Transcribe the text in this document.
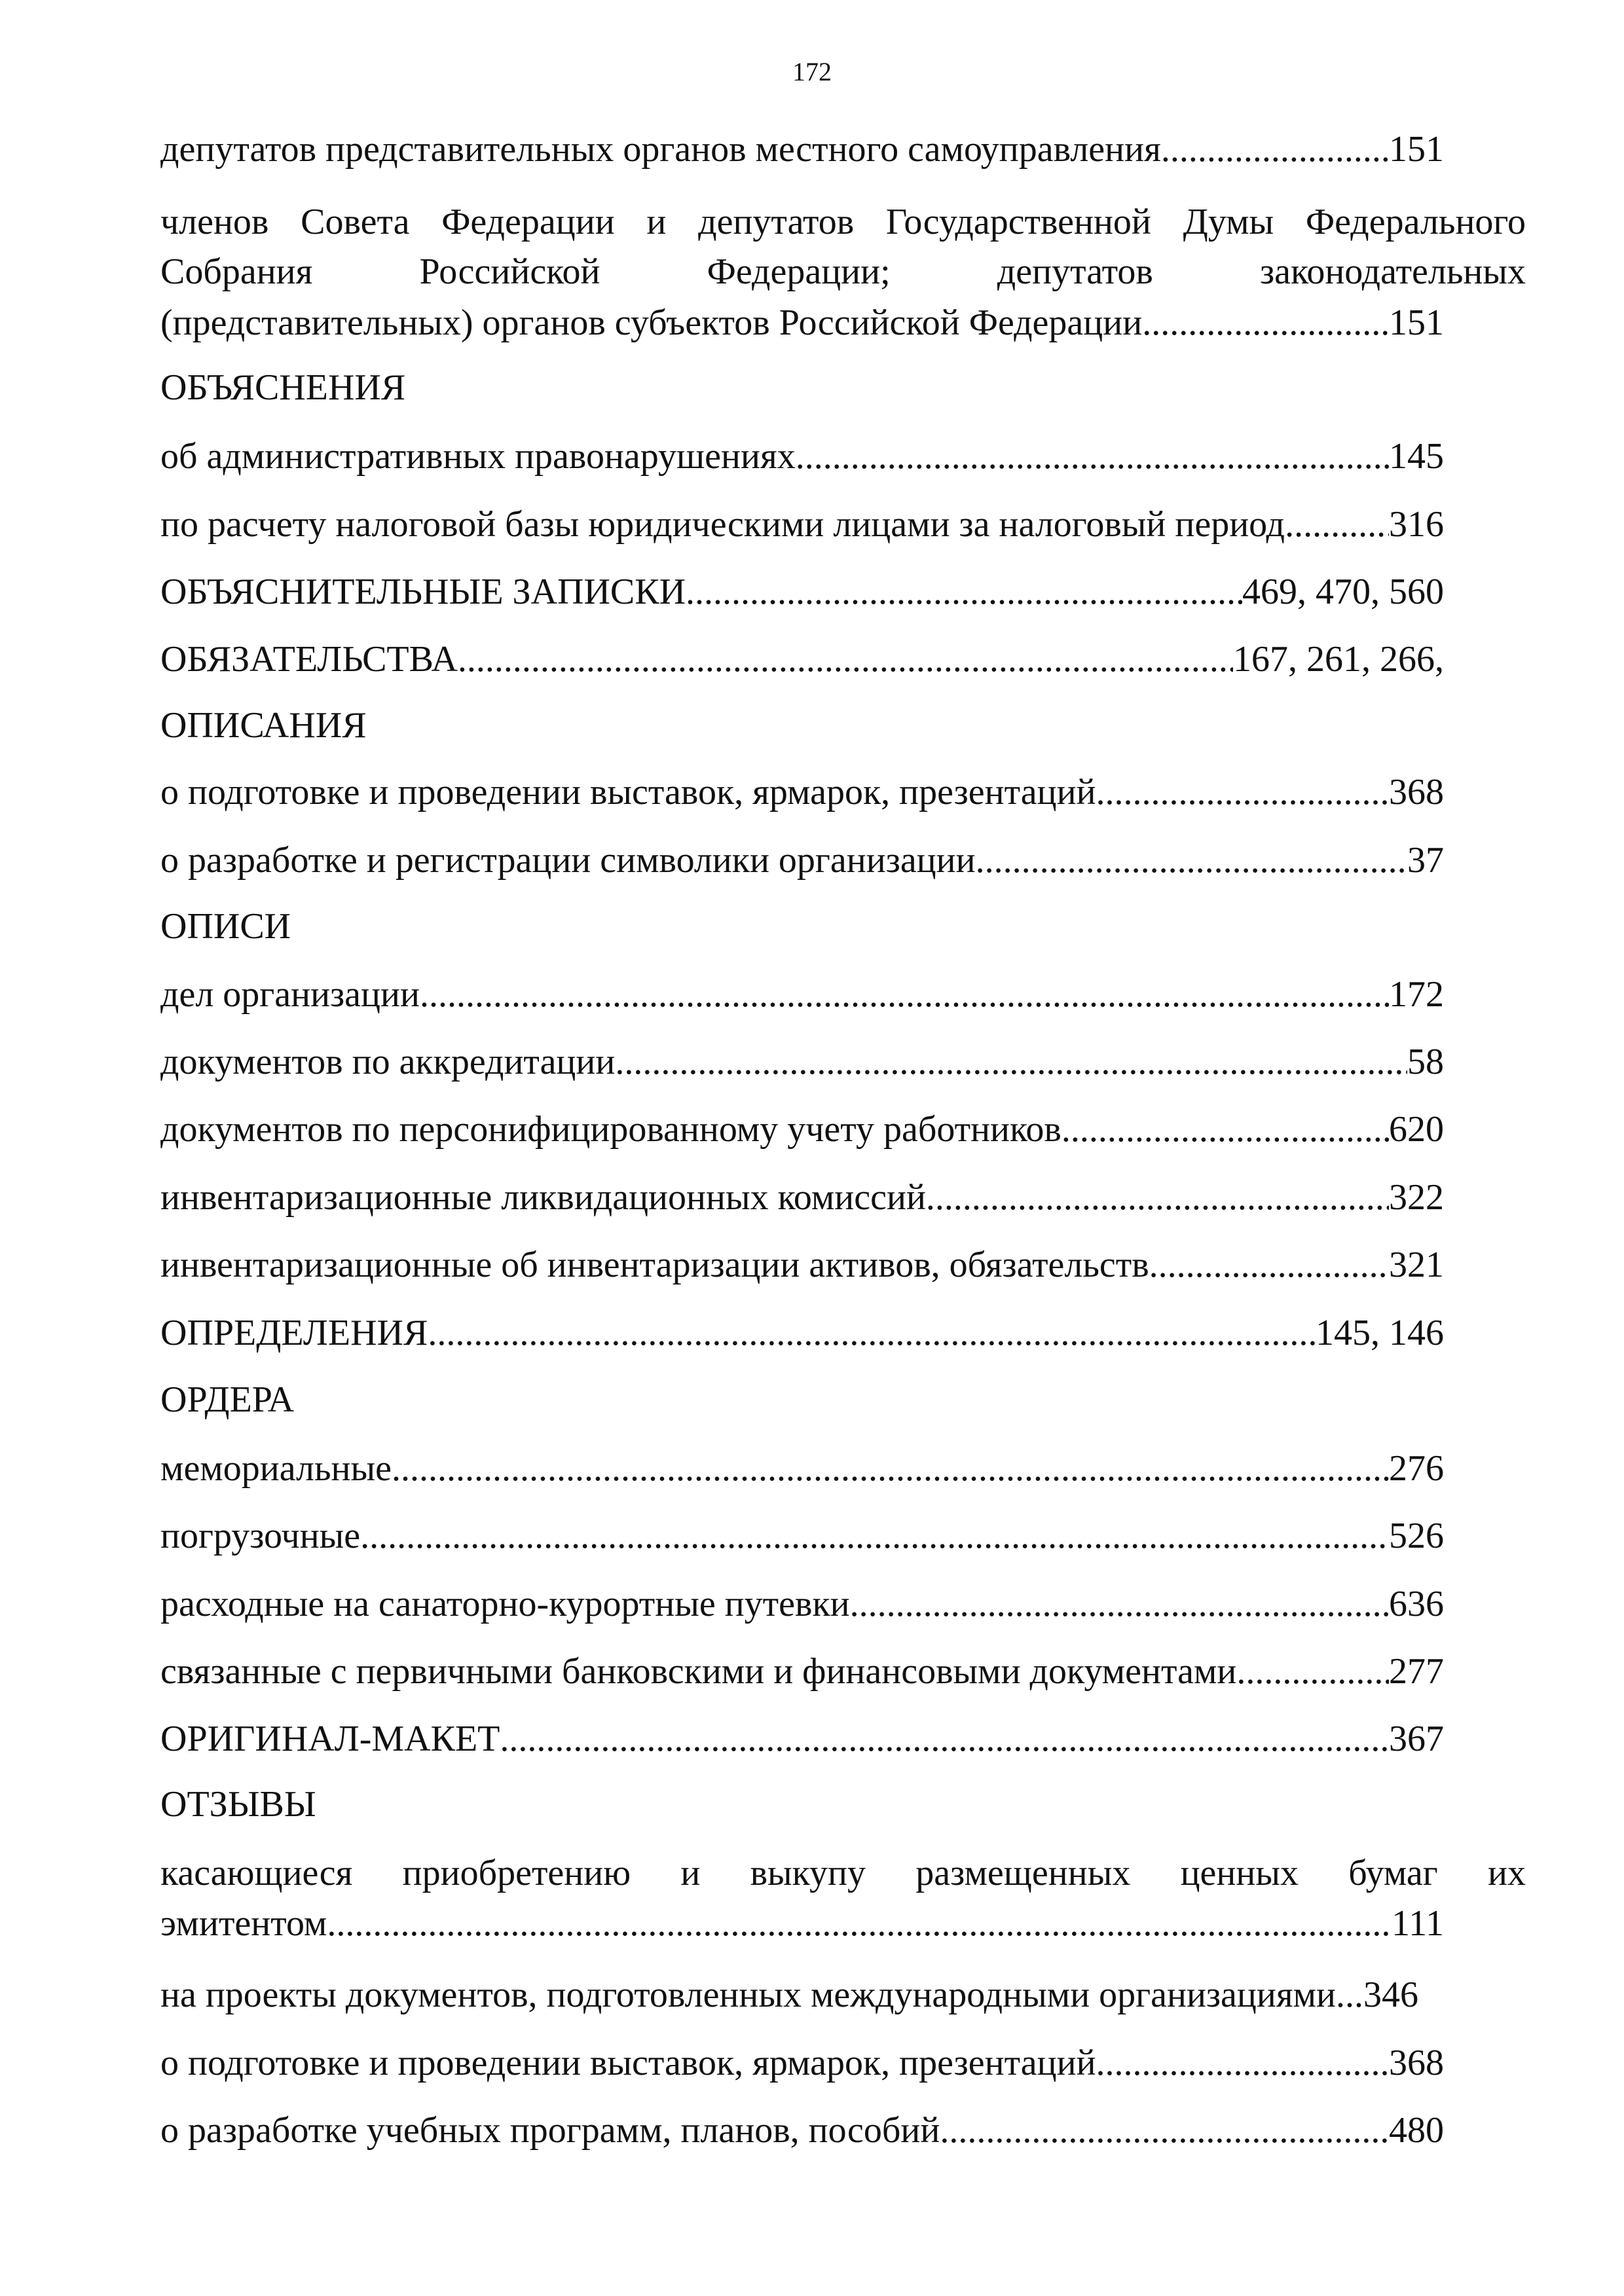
172
депутатов представительных органов местного самоуправления .....	151
членов Совета Федерации и депутатов Государственной Думы Федерального
Собрания Российской Федерации; депутатов законодательных
(представительных) органов субъектов Российской Федерации .....	151
ОБЪЯСНЕНИЯ
об административных правонарушениях .....	145
по расчету налоговой базы юридическими лицами за налоговый период .....	316
ОБЪЯСНИТЕЛЬНЫЕ ЗАПИСКИ .....	469, 470, 560
ОБЯЗАТЕЛЬСТВА .....	167, 261, 266,
ОПИСАНИЯ
о подготовке и проведении выставок, ярмарок, презентаций .....	368
о разработке и регистрации символики организации .....	37
ОПИСИ
дел организации .....	172
документов по аккредитации .....	58
документов по персонифицированному учету работников .....	620
инвентаризационные ликвидационных комиссий .....	322
инвентаризационные об инвентаризации активов, обязательств .....	321
ОПРЕДЕЛЕНИЯ .....	145, 146
ОРДЕРА
мемориальные .....	276
погрузочные .....	526
расходные на санаторно-курортные путевки .....	636
связанные с первичными банковскими и финансовыми документами .....	277
ОРИГИНАЛ-МАКЕТ .....	367
ОТЗЫВЫ
касающиеся приобретению и выкупу размещенных ценных бумаг их
эмитентом .....	111
на проекты документов, подготовленных международными организациями...346
о подготовке и проведении выставок, ярмарок, презентаций .....	368
о разработке учебных программ, планов, пособий .....	480
